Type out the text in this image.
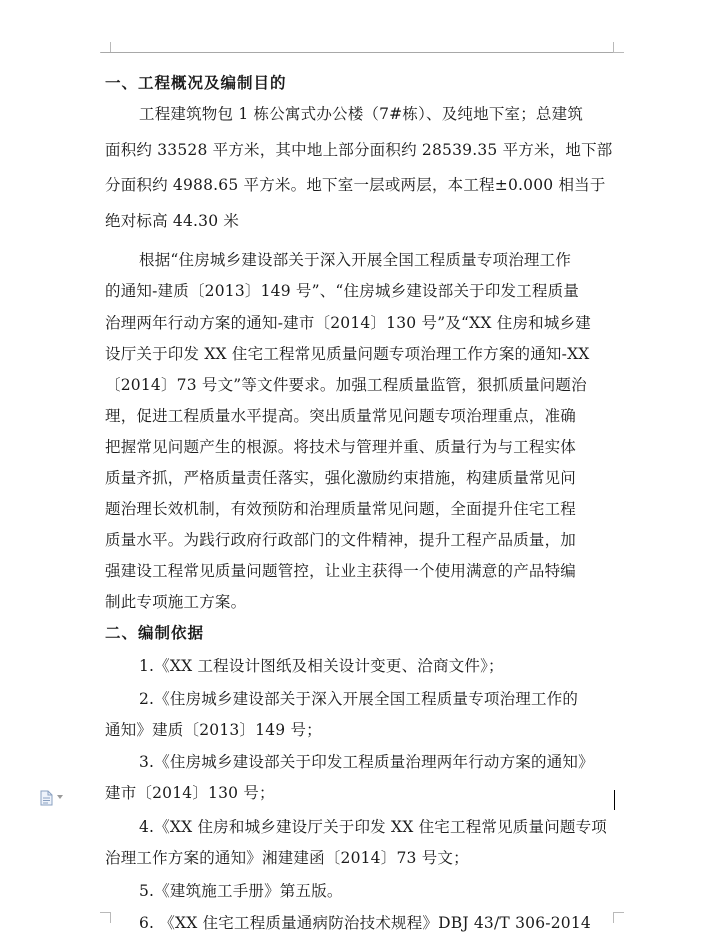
一、工程概况及编制目的
工程建筑物包 1 栋公寓式办公楼（7#栋）、及纯地下室；总建筑
面积约 33528 平方米，其中地上部分面积约 28539.35 平方米，地下部
分面积约 4988.65 平方米。地下室一层或两层，本工程±0.000 相当于
绝对标高 44.30 米
根据“住房城乡建设部关于深入开展全国工程质量专项治理工作
的通知-建质〔2013〕149 号”、“住房城乡建设部关于印发工程质量
治理两年行动方案的通知-建市〔2014〕130 号”及“XX 住房和城乡建
设厅关于印发 XX 住宅工程常见质量问题专项治理工作方案的通知-XX
〔2014〕73 号文”等文件要求。加强工程质量监管，狠抓质量问题治
理，促进工程质量水平提高。突出质量常见问题专项治理重点，准确
把握常见问题产生的根源。将技术与管理并重、质量行为与工程实体
质量齐抓，严格质量责任落实，强化激励约束措施，构建质量常见问
题治理长效机制，有效预防和治理质量常见问题，全面提升住宅工程
质量水平。为践行政府行政部门的文件精神，提升工程产品质量，加
强建设工程常见质量问题管控，让业主获得一个使用满意的产品特编
制此专项施工方案。
二、编制依据
1.《XX 工程设计图纸及相关设计变更、洽商文件》；
2.《住房城乡建设部关于深入开展全国工程质量专项治理工作的
通知》建质〔2013〕149 号；
3.《住房城乡建设部关于印发工程质量治理两年行动方案的通知》
建市〔2014〕130 号；
4.《XX 住房和城乡建设厅关于印发 XX 住宅工程常见质量问题专项
治理工作方案的通知》湘建建函〔2014〕73 号文；
5.《建筑施工手册》第五版。
6. 《XX 住宅工程质量通病防治技术规程》DBJ 43/T 306-2014
